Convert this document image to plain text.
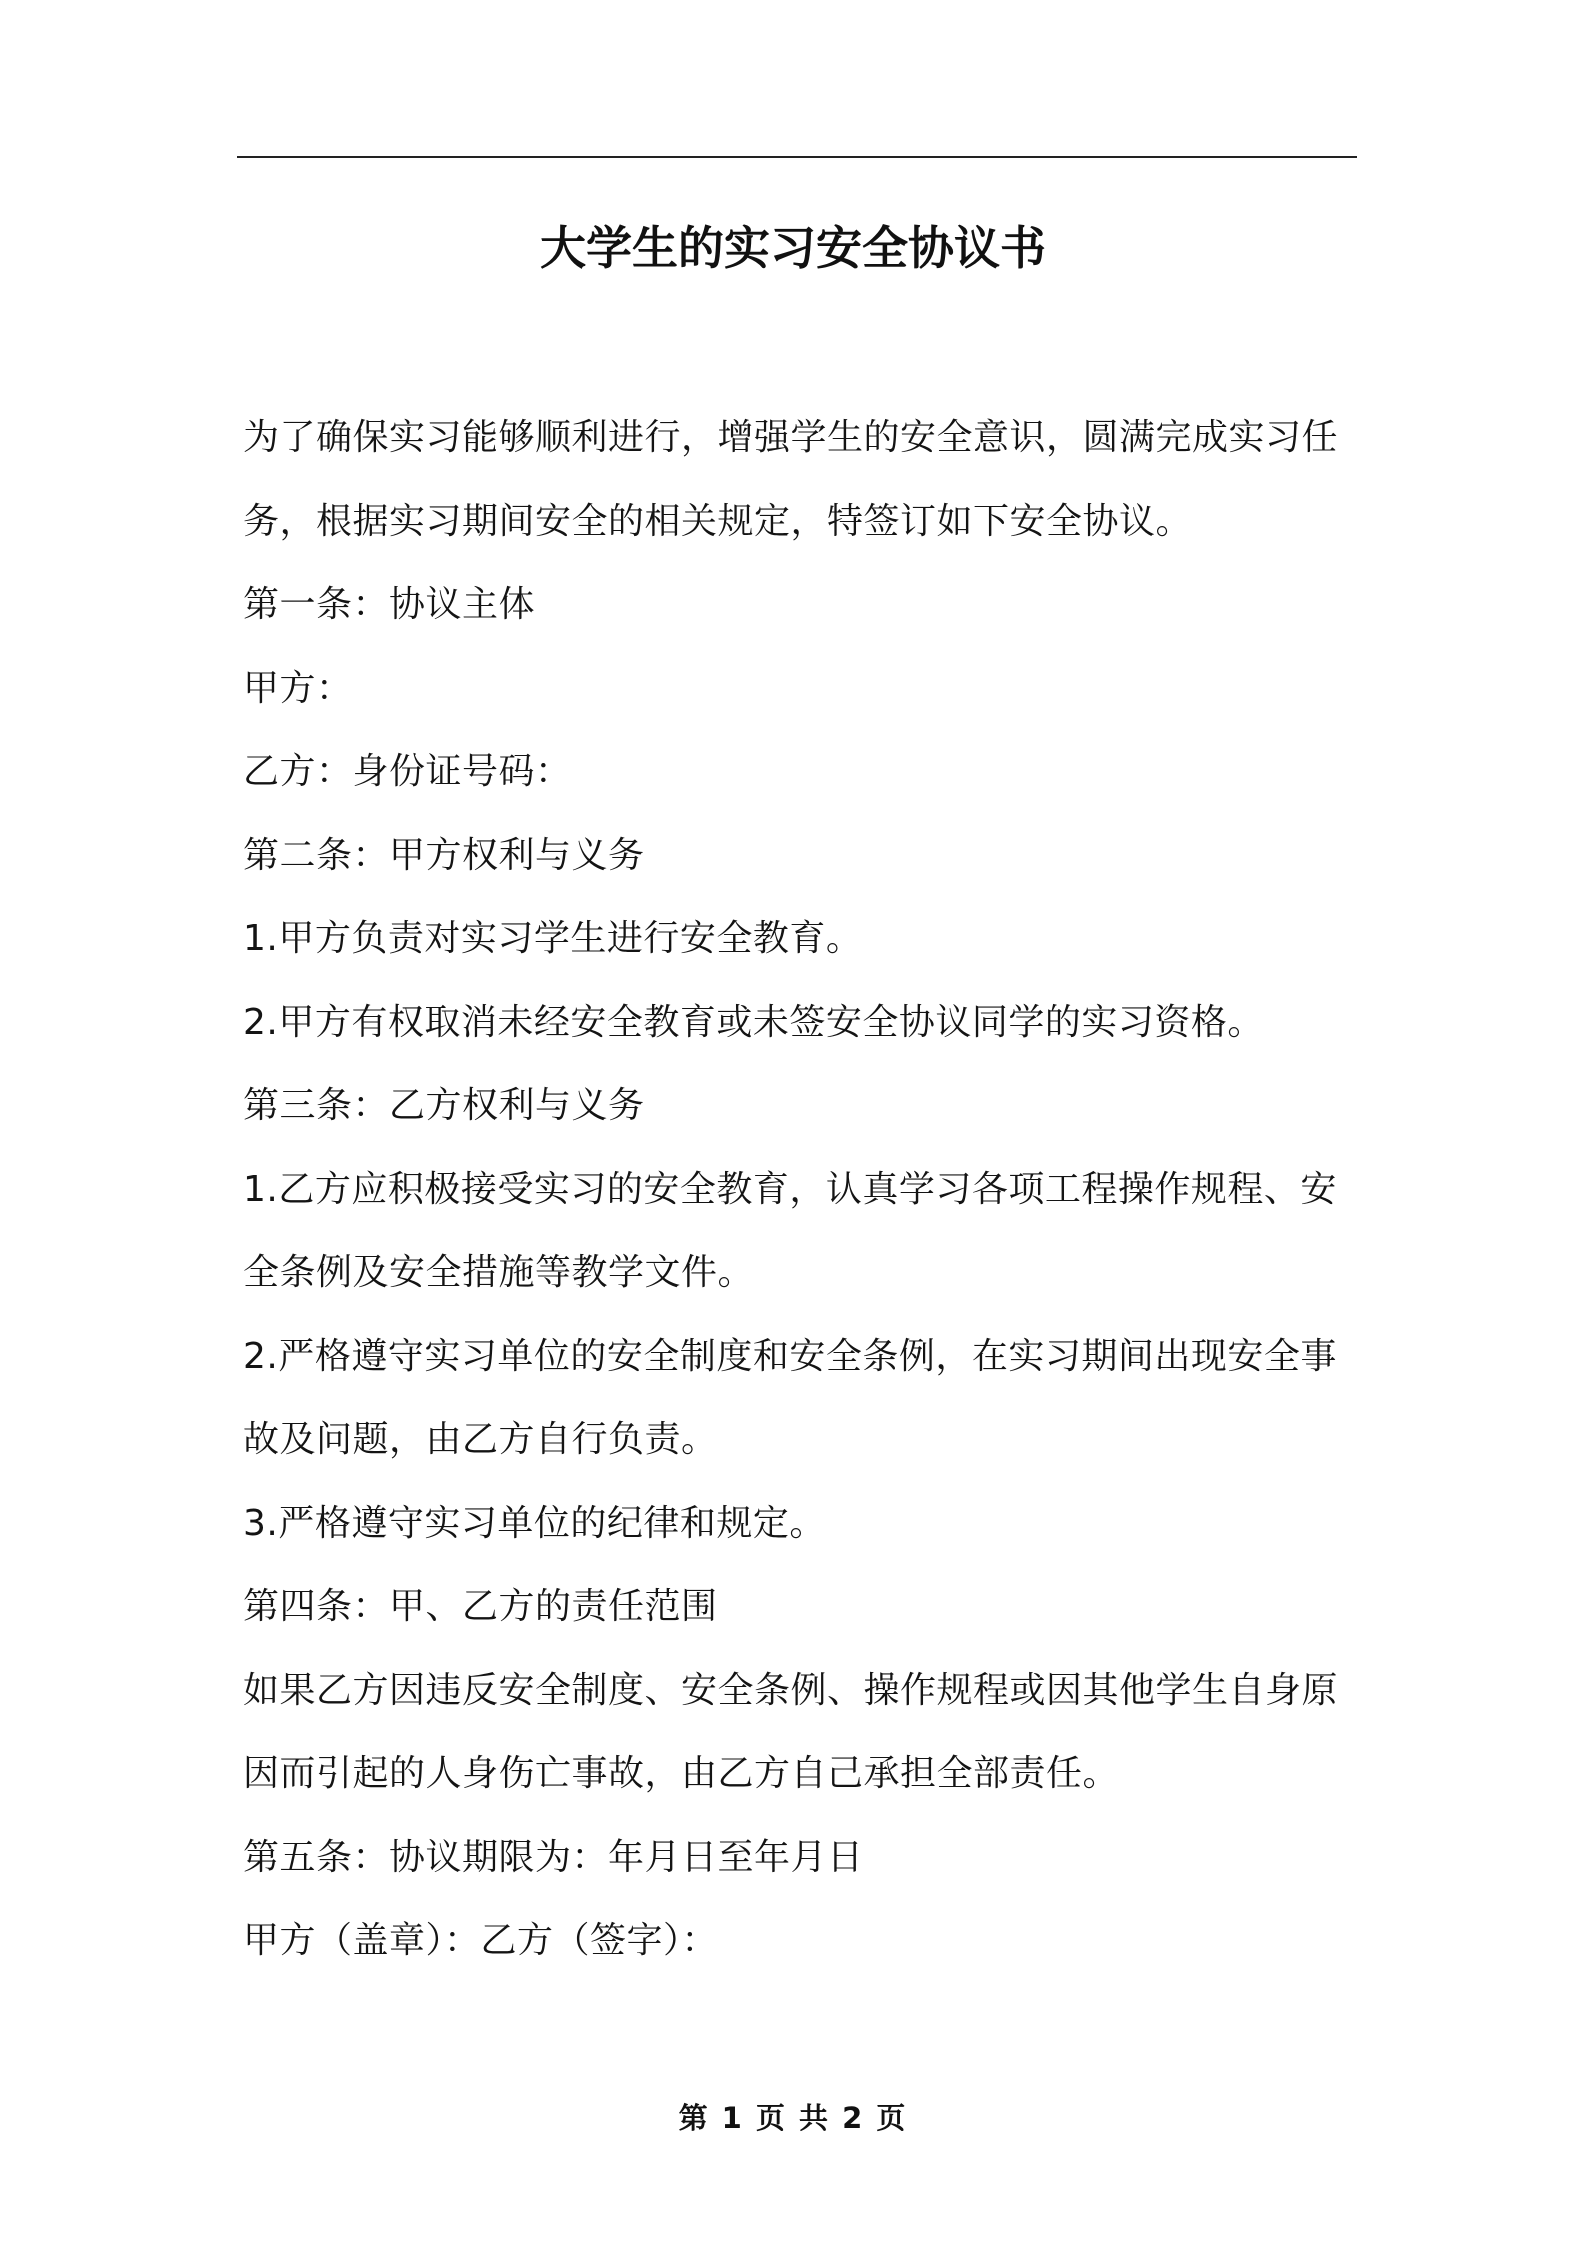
大学生的实习安全协议书
为了确保实习能够顺利进行，增强学生的安全意识，圆满完成实习任
务，根据实习期间安全的相关规定，特签订如下安全协议。
第一条：协议主体
甲方：
乙方：身份证号码：
第二条：甲方权利与义务
1.甲方负责对实习学生进行安全教育。
2.甲方有权取消未经安全教育或未签安全协议同学的实习资格。
第三条：乙方权利与义务
1.乙方应积极接受实习的安全教育，认真学习各项工程操作规程、安
全条例及安全措施等教学文件。
2.严格遵守实习单位的安全制度和安全条例，在实习期间出现安全事
故及问题，由乙方自行负责。
3.严格遵守实习单位的纪律和规定。
第四条：甲、乙方的责任范围
如果乙方因违反安全制度、安全条例、操作规程或因其他学生自身原
因而引起的人身伤亡事故，由乙方自己承担全部责任。
第五条：协议期限为：年月日至年月日
甲方（盖章）：乙方（签字）：
第 1 页 共 2 页
